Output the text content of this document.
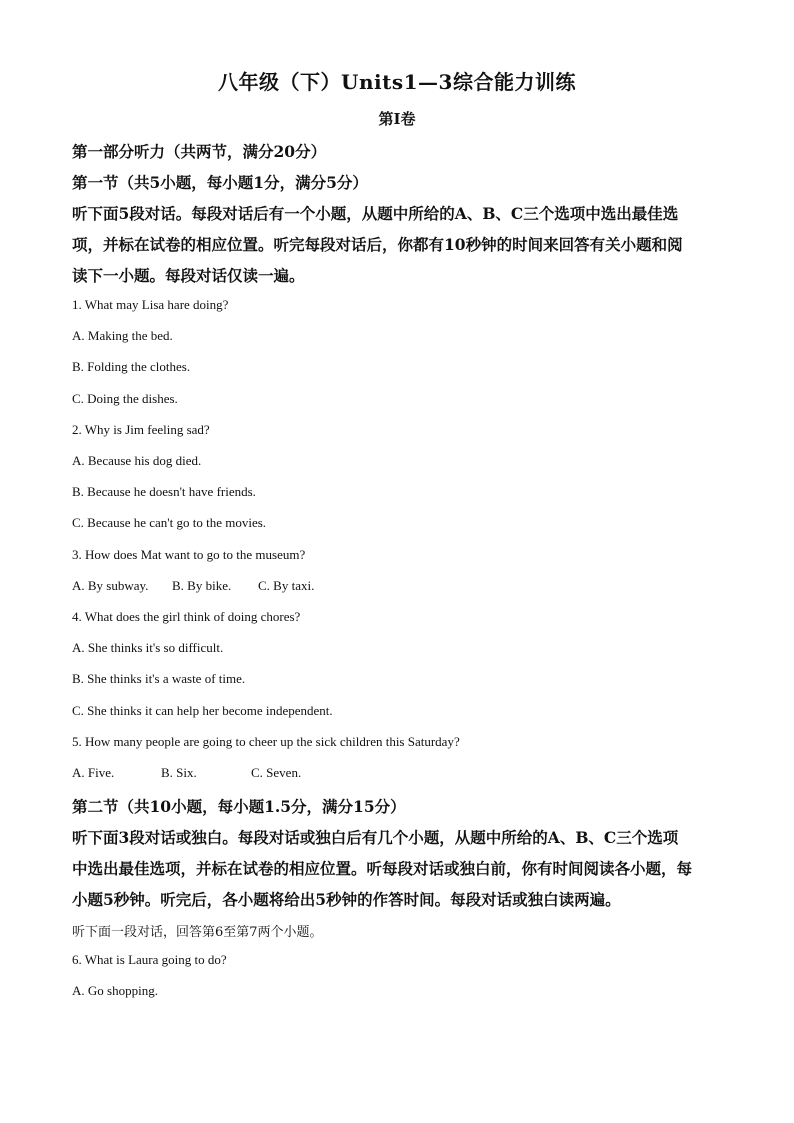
八年级（下）Units1—3综合能力训练
第I卷
第一部分听力（共两节，满分20分）
第一节（共5小题，每小题1分，满分5分）
听下面5段对话。每段对话后有一个小题，从题中所给的A、B、C三个选项中选出最佳选
项，并标在试卷的相应位置。听完每段对话后，你都有10秒钟的时间来回答有关小题和阅
读下一小题。每段对话仅读一遍。
1. What may Lisa hare doing?
A. Making the bed.
B. Folding the clothes.
C. Doing the dishes.
2. Why is Jim feeling sad?
A. Because his dog died.
B. Because he doesn't have friends.
C. Because he can't go to the movies.
3. How does Mat want to go to the museum?
A. By subway. B. By bike. C. By taxi.
4. What does the girl think of doing chores?
A. She thinks it's so difficult.
B. She thinks it's a waste of time.
C. She thinks it can help her become independent.
5. How many people are going to cheer up the sick children this Saturday?
A. Five.	B. Six.	C. Seven.
第二节（共10小题，每小题1.5分，满分15分）
听下面3段对话或独白。每段对话或独白后有几个小题，从题中所给的A、B、C三个选项
中选出最佳选项，并标在试卷的相应位置。听每段对话或独白前，你有时间阅读各小题，每
小题5秒钟。听完后，各小题将给出5秒钟的作答时间。每段对话或独白读两遍。
听下面一段对话，回答第6至第7两个小题。
6. What is Laura going to do?
A. Go shopping.
